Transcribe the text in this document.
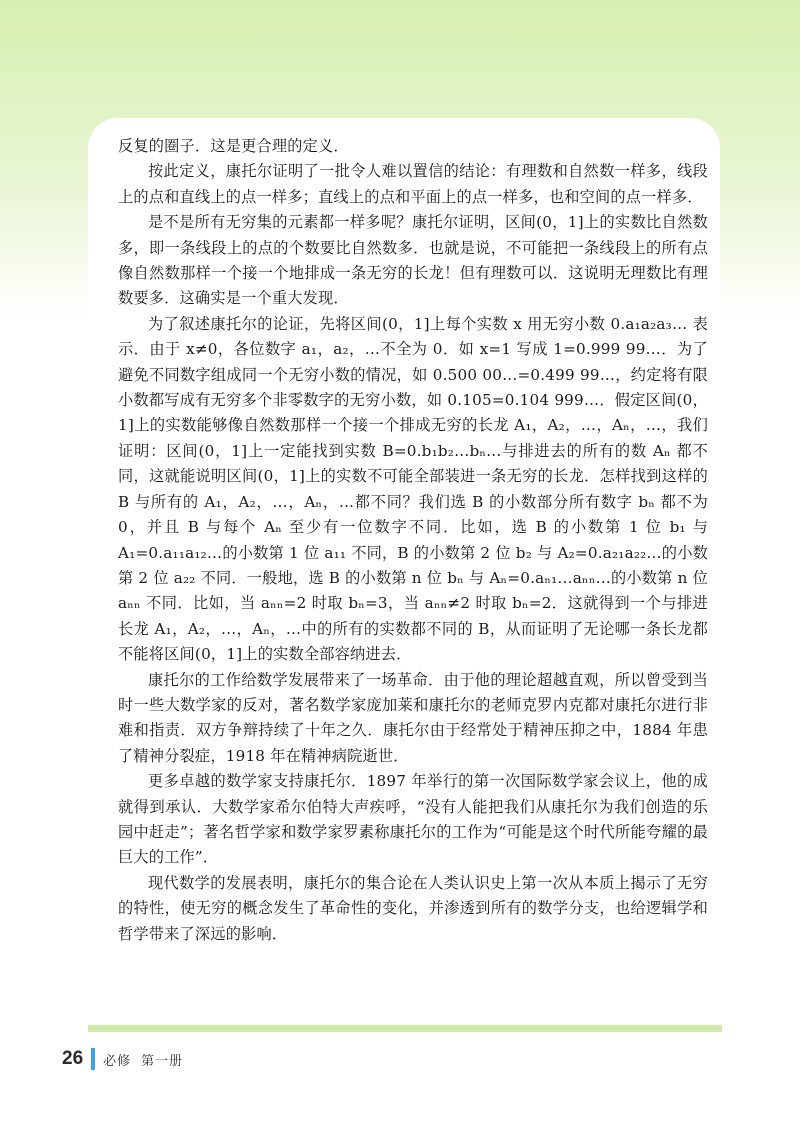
反复的圈子．这是更合理的定义．

按此定义，康托尔证明了一批令人难以置信的结论：有理数和自然数一样多，线段上的点和直线上的点一样多；直线上的点和平面上的点一样多，也和空间的点一样多．

是不是所有无穷集的元素都一样多呢？康托尔证明，区间(0，1]上的实数比自然数多，即一条线段上的点的个数要比自然数多．也就是说，不可能把一条线段上的所有点像自然数那样一个接一个地排成一条无穷的长龙！但有理数可以．这说明无理数比有理数要多．这确实是一个重大发现．

为了叙述康托尔的论证，先将区间(0，1]上每个实数 x 用无穷小数 0.a₁a₂a₃… 表示．由于 x≠0，各位数字 a₁，a₂，…不全为 0．如 x=1 写成 1=0.999 99…．为了避免不同数字组成同一个无穷小数的情况，如 0.500 00…=0.499 99…，约定将有限小数都写成有无穷多个非零数字的无穷小数，如 0.105=0.104 999…．假定区间(0，1]上的实数能够像自然数那样一个接一个排成无穷的长龙 A₁，A₂，…，Aₙ，…，我们证明：区间(0，1]上一定能找到实数 B=0.b₁b₂…bₙ…与排进去的所有的数 Aₙ 都不同，这就能说明区间(0，1]上的实数不可能全部装进一条无穷的长龙．怎样找到这样的 B 与所有的 A₁，A₂，…，Aₙ，…都不同？我们选 B 的小数部分所有数字 bₙ 都不为 0，并且 B 与每个 Aₙ 至少有一位数字不同．比如，选 B 的小数第 1 位 b₁ 与 A₁=0.a₁₁a₁₂…的小数第 1 位 a₁₁ 不同，B 的小数第 2 位 b₂ 与 A₂=0.a₂₁a₂₂…的小数第 2 位 a₂₂ 不同．一般地，选 B 的小数第 n 位 bₙ 与 Aₙ=0.aₙ₁…aₙₙ…的小数第 n 位 aₙₙ 不同．比如，当 aₙₙ=2 时取 bₙ=3，当 aₙₙ≠2 时取 bₙ=2．这就得到一个与排进长龙 A₁，A₂，…，Aₙ，…中的所有的实数都不同的 B，从而证明了无论哪一条长龙都不能将区间(0，1]上的实数全部容纳进去．

康托尔的工作给数学发展带来了一场革命．由于他的理论超越直观，所以曾受到当时一些大数学家的反对，著名数学家庞加莱和康托尔的老师克罗内克都对康托尔进行非难和指责．双方争辩持续了十年之久．康托尔由于经常处于精神压抑之中，1884 年患了精神分裂症，1918 年在精神病院逝世．

更多卓越的数学家支持康托尔．1897 年举行的第一次国际数学家会议上，他的成就得到承认．大数学家希尔伯特大声疾呼，“没有人能把我们从康托尔为我们创造的乐园中赶走”；著名哲学家和数学家罗素称康托尔的工作为“可能是这个时代所能夸耀的最巨大的工作”．

现代数学的发展表明，康托尔的集合论在人类认识史上第一次从本质上揭示了无穷的特性，使无穷的概念发生了革命性的变化，并渗透到所有的数学分支，也给逻辑学和哲学带来了深远的影响．

26 必修 第一册
